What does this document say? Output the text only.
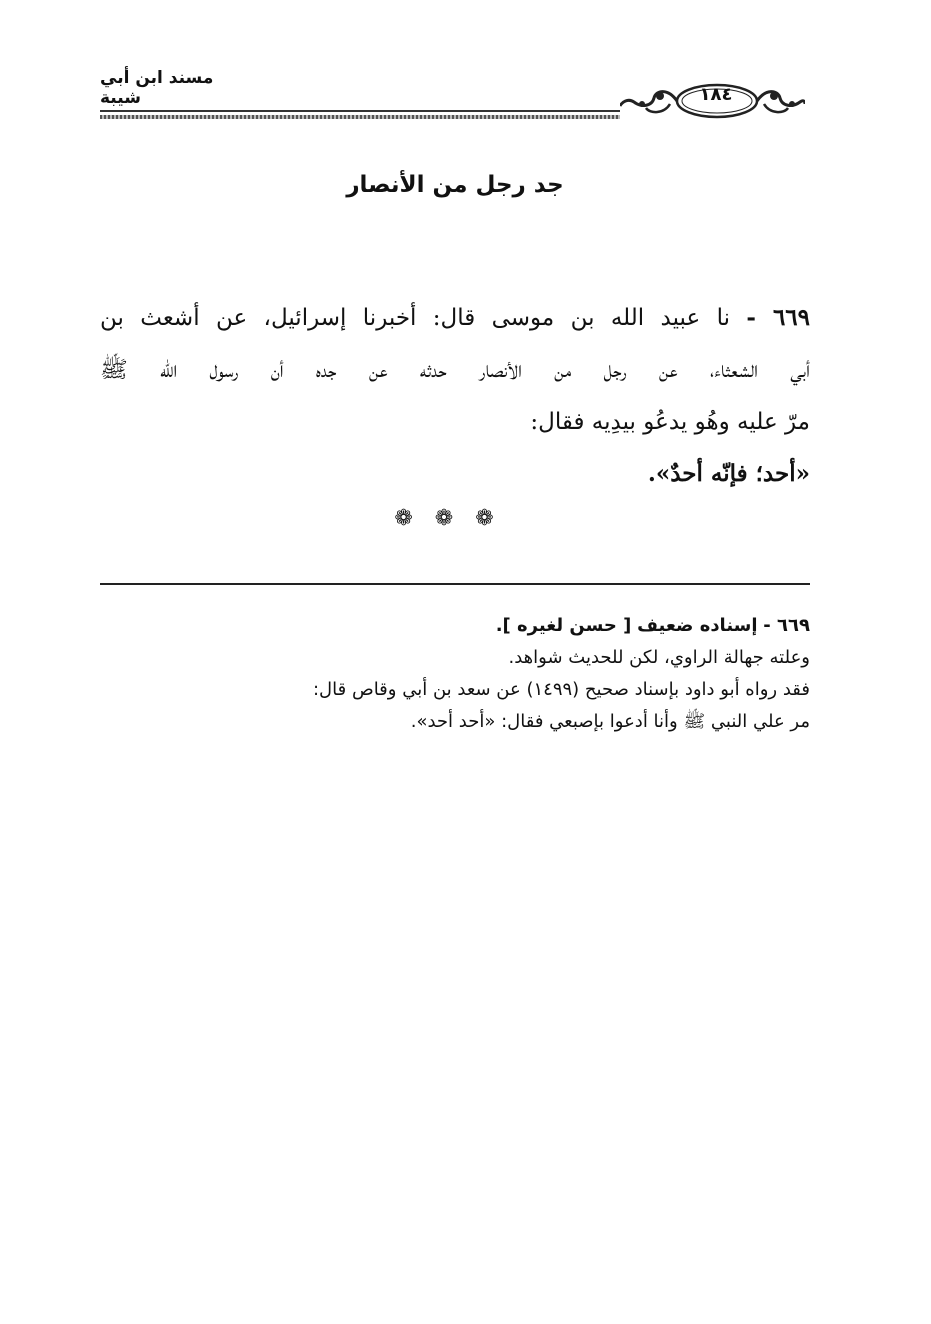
مسند ابن أبي شيبة	١٨٤
جد رجل من الأنصار
٦٦٩ - نا عبيد الله بن موسى قال: أخبرنا إسرائيل، عن أشعث بن
أبي الشعثاء، عن رجل من الأنصار حدثه عن جده أن رسول الله ﷺ
مرّ عليه وهُو يدعُو بيدِيه فقال:
«أحد؛ فإنّه أحدٌ».
❁❁❁
٦٦٩ - إسناده ضعيف [ حسن لغيره ].
وعلته جهالة الراوي، لكن للحديث شواهد.
فقد رواه أبو داود بإسناد صحيح (١٤٩٩) عن سعد بن أبي وقاص قال:
مر علي النبي ﷺ وأنا أدعوا بإصبعي فقال: «أحد أحد».
